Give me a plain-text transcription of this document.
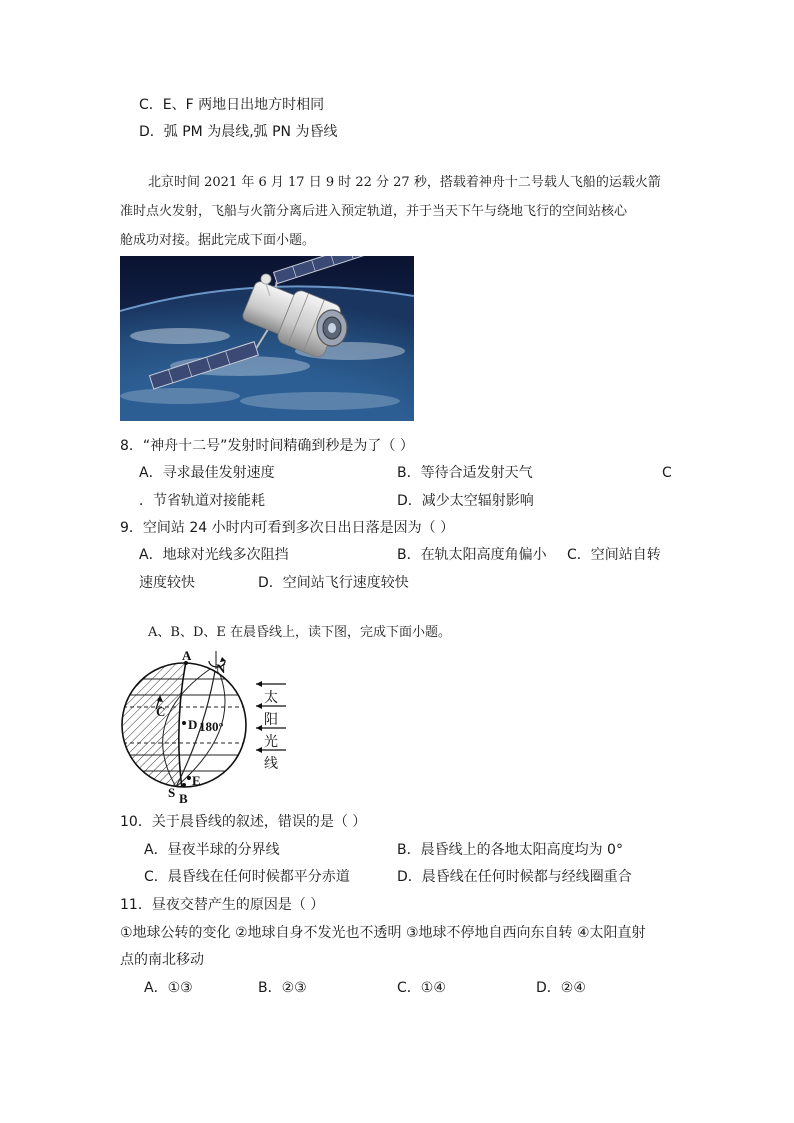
C．E、F 两地日出地方时相同
D．弧 PM 为晨线,弧 PN 为昏线
北京时间 2021 年 6 月 17 日 9 时 22 分 27 秒，搭载着神舟十二号载人飞船的运载火箭
准时点火发射，飞船与火箭分离后进入预定轨道，并于当天下午与绕地飞行的空间站核心
舱成功对接。据此完成下面小题。
8．“神舟十二号”发射时间精确到秒是为了（ ）
A．寻求最佳发射速度	B．等待合适发射天气	C
．节省轨道对接能耗	D．减少太空辐射影响
9．空间站 24 小时内可看到多次日出日落是因为（ ）
A．地球对光线多次阻挡	B．在轨太阳高度角偏小 C．空间站自转
速度较快	D．空间站飞行速度较快
A、B、D、E 在晨昏线上，读下图，完成下面小题。
A
N
C
D 180°
E
S B
太
阳
光
线
10．关于晨昏线的叙述，错误的是（ ）
A．昼夜半球的分界线	B．晨昏线上的各地太阳高度均为 0°
C．晨昏线在任何时候都平分赤道	D．晨昏线在任何时候都与经线圈重合
11．昼夜交替产生的原因是（ ）
①地球公转的变化 ②地球自身不发光也不透明 ③地球不停地自西向东自转 ④太阳直射
点的南北移动
A．①③	B．②③	C．①④	D．②④
